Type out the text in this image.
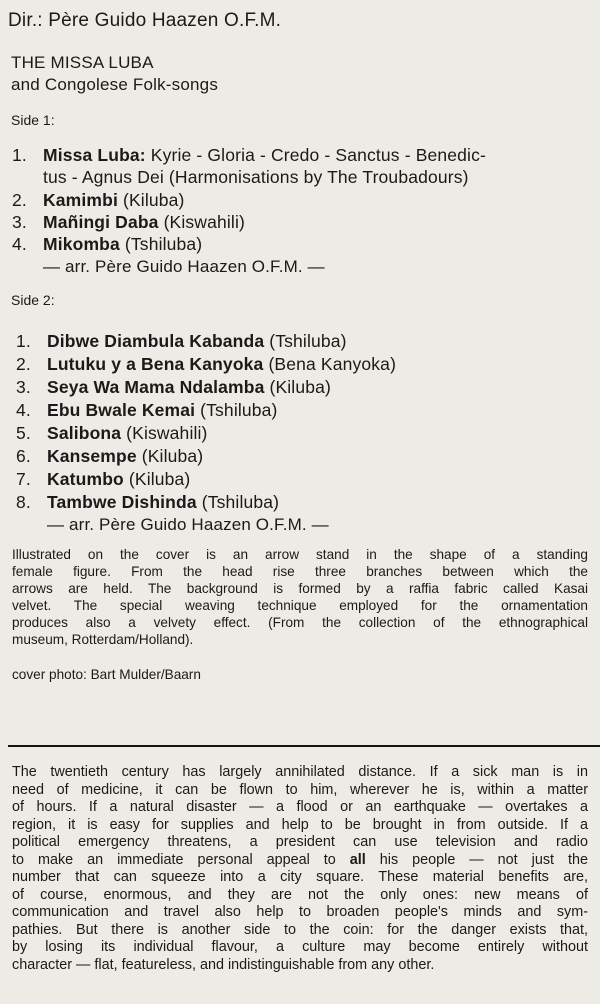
Dir.: Père Guido Haazen O.F.M.
THE MISSA LUBA
and Congolese Folk-songs
Side 1:
1. Missa Luba: Kyrie - Gloria - Credo - Sanctus - Benedic-
tus - Agnus Dei (Harmonisations by The Troubadours)
2. Kamimbi (Kiluba)
3. Mañingi Daba (Kiswahili)
4. Mikomba (Tshiluba)
— arr. Père Guido Haazen O.F.M. —
Side 2:
1. Dibwe Diambula Kabanda (Tshiluba)
2. Lutuku y a Bena Kanyoka (Bena Kanyoka)
3. Seya Wa Mama Ndalamba (Kiluba)
4. Ebu Bwale Kemai (Tshiluba)
5. Salibona (Kiswahili)
6. Kansempe (Kiluba)
7. Katumbo (Kiluba)
8. Tambwe Dishinda (Tshiluba)
— arr. Père Guido Haazen O.F.M. —
Illustrated on the cover is an arrow stand in the shape of a standing
female figure. From the head rise three branches between which the
arrows are held. The background is formed by a raffia fabric called Kasai
velvet. The special weaving technique employed for the ornamentation
produces also a velvety effect. (From the collection of the ethnographical
museum, Rotterdam/Holland).
cover photo: Bart Mulder/Baarn
The twentieth century has largely annihilated distance. If a sick man is in
need of medicine, it can be flown to him, wherever he is, within a matter
of hours. If a natural disaster — a flood or an earthquake — overtakes a
region, it is easy for supplies and help to be brought in from outside. If a
political emergency threatens, a president can use television and radio
to make an immediate personal appeal to all his people — not just the
number that can squeeze into a city square. These material benefits are,
of course, enormous, and they are not the only ones: new means of
communication and travel also help to broaden people's minds and sym-
pathies. But there is another side to the coin: for the danger exists that,
by losing its individual flavour, a culture may become entirely without
character — flat, featureless, and indistinguishable from any other.
